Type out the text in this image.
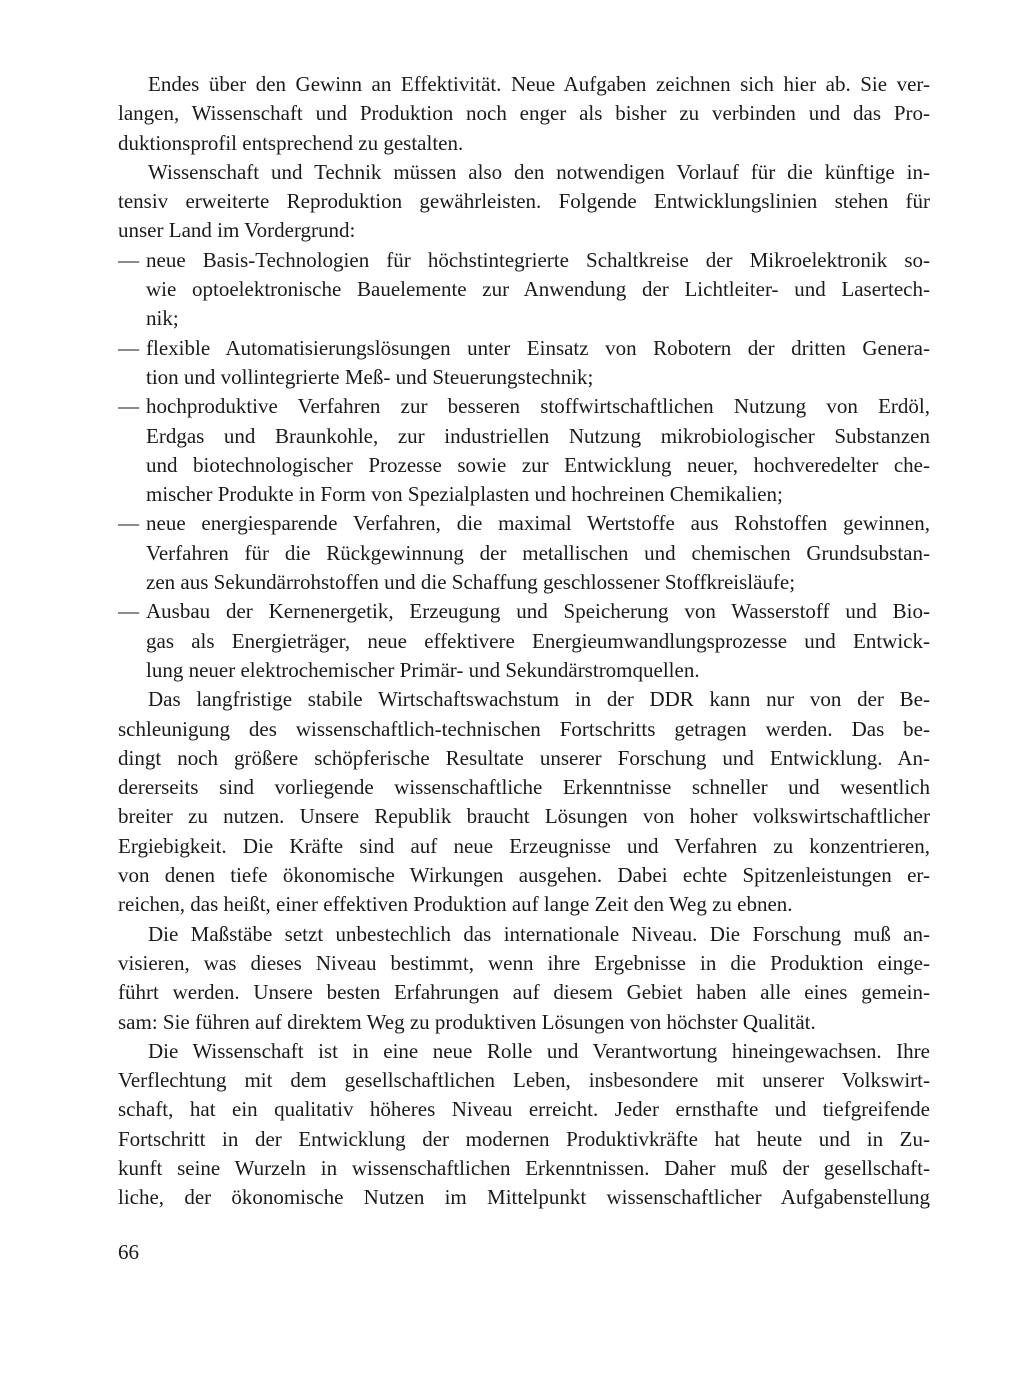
Endes über den Gewinn an Effektivität. Neue Aufgaben zeichnen sich hier ab. Sie ver-
langen, Wissenschaft und Produktion noch enger als bisher zu verbinden und das Pro-
duktionsprofil entsprechend zu gestalten.
Wissenschaft und Technik müssen also den notwendigen Vorlauf für die künftige in-
tensiv erweiterte Reproduktion gewährleisten. Folgende Entwicklungslinien stehen für
unser Land im Vordergrund:
— neue Basis-Technologien für höchstintegrierte Schaltkreise der Mikroelektronik so-
wie optoelektronische Bauelemente zur Anwendung der Lichtleiter- und Lasertech-
nik;
— flexible Automatisierungslösungen unter Einsatz von Robotern der dritten Genera-
tion und vollintegrierte Meß- und Steuerungstechnik;
— hochproduktive Verfahren zur besseren stoffwirtschaftlichen Nutzung von Erdöl,
Erdgas und Braunkohle, zur industriellen Nutzung mikrobiologischer Substanzen
und biotechnologischer Prozesse sowie zur Entwicklung neuer, hochveredelter che-
mischer Produkte in Form von Spezialplasten und hochreinen Chemikalien;
— neue energiesparende Verfahren, die maximal Wertstoffe aus Rohstoffen gewinnen,
Verfahren für die Rückgewinnung der metallischen und chemischen Grundsubstan-
zen aus Sekundärrohstoffen und die Schaffung geschlossener Stoffkreisläufe;
— Ausbau der Kernenergetik, Erzeugung und Speicherung von Wasserstoff und Bio-
gas als Energieträger, neue effektivere Energieumwandlungsprozesse und Entwick-
lung neuer elektrochemischer Primär- und Sekundärstromquellen.
Das langfristige stabile Wirtschaftswachstum in der DDR kann nur von der Be-
schleunigung des wissenschaftlich-technischen Fortschritts getragen werden. Das be-
dingt noch größere schöpferische Resultate unserer Forschung und Entwicklung. An-
dererseits sind vorliegende wissenschaftliche Erkenntnisse schneller und wesentlich
breiter zu nutzen. Unsere Republik braucht Lösungen von hoher volkswirtschaftlicher
Ergiebigkeit. Die Kräfte sind auf neue Erzeugnisse und Verfahren zu konzentrieren,
von denen tiefe ökonomische Wirkungen ausgehen. Dabei echte Spitzenleistungen er-
reichen, das heißt, einer effektiven Produktion auf lange Zeit den Weg zu ebnen.
Die Maßstäbe setzt unbestechlich das internationale Niveau. Die Forschung muß an-
visieren, was dieses Niveau bestimmt, wenn ihre Ergebnisse in die Produktion einge-
führt werden. Unsere besten Erfahrungen auf diesem Gebiet haben alle eines gemein-
sam: Sie führen auf direktem Weg zu produktiven Lösungen von höchster Qualität.
Die Wissenschaft ist in eine neue Rolle und Verantwortung hineingewachsen. Ihre
Verflechtung mit dem gesellschaftlichen Leben, insbesondere mit unserer Volkswirt-
schaft, hat ein qualitativ höheres Niveau erreicht. Jeder ernsthafte und tiefgreifende
Fortschritt in der Entwicklung der modernen Produktivkräfte hat heute und in Zu-
kunft seine Wurzeln in wissenschaftlichen Erkenntnissen. Daher muß der gesellschaft-
liche, der ökonomische Nutzen im Mittelpunkt wissenschaftlicher Aufgabenstellung
66
